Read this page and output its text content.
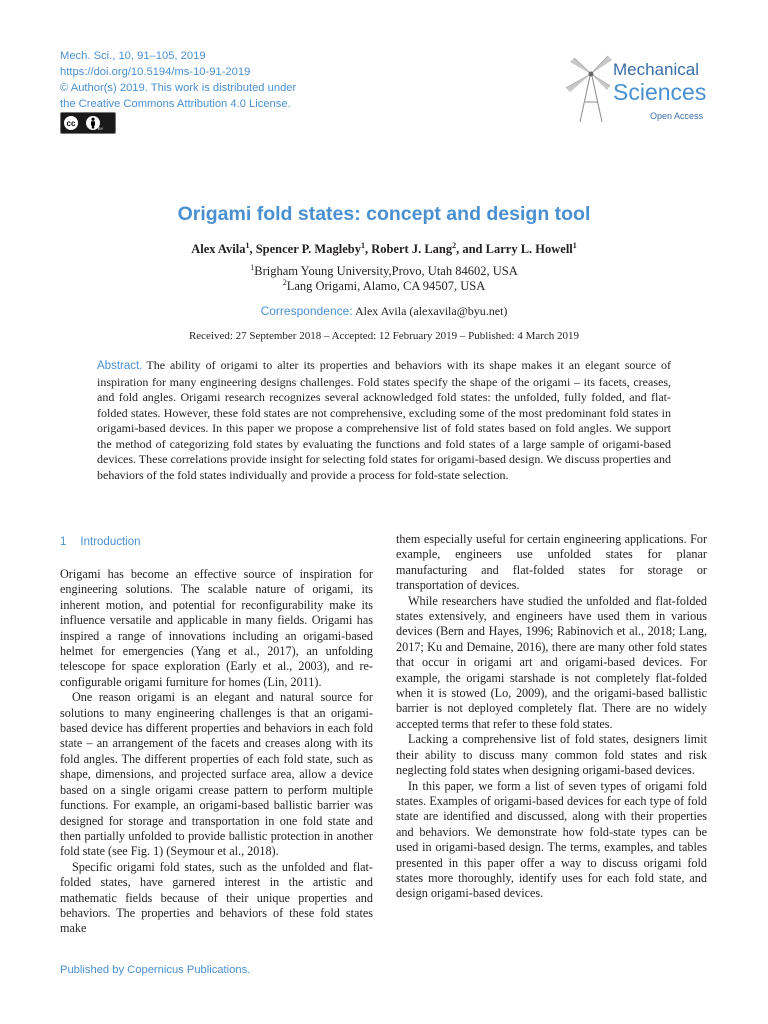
Mech. Sci., 10, 91–105, 2019
https://doi.org/10.5194/ms-10-91-2019
© Author(s) 2019. This work is distributed under
the Creative Commons Attribution 4.0 License.
cc
BY
Mechanical
Sciences
Open Access
Origami fold states: concept and design tool
Alex Avila$^1$, Spencer P. Magleby$^1$, Robert J. Lang$^2$, and Larry L. Howell$^1$
$^1$Brigham Young University,Provo, Utah 84602, USA
$^2$Lang Origami, Alamo, CA 94507, USA
Correspondence: Alex Avila (alexavila@byu.net)
Received: 27 September 2018 – Accepted: 12 February 2019 – Published: 4 March 2019
Abstract. The ability of origami to alter its properties and behaviors with its shape makes it an elegant source of inspiration for many engineering designs challenges. Fold states specify the shape of the origami – its facets, creases, and fold angles. Origami research recognizes several acknowledged fold states: the unfolded, fully folded, and flat-folded states. However, these fold states are not comprehensive, excluding some of the most predominant fold states in origami-based devices. In this paper we propose a comprehensive list of fold states based on fold angles. We support the method of categorizing fold states by evaluating the functions and fold states of a large sample of origami-based devices. These correlations provide insight for selecting fold states for origami-based design. We discuss properties and behaviors of the fold states individually and provide a process for fold-state selection.
1 Introduction

Origami has become an effective source of inspiration for engineering solutions. The scalable nature of origami, its inherent motion, and potential for reconfigurability make its influence versatile and applicable in many fields. Origami has inspired a range of innovations including an origami-based helmet for emergencies (Yang et al., 2017), an unfolding telescope for space exploration (Early et al., 2003), and re-configurable origami furniture for homes (Lin, 2011).

One reason origami is an elegant and natural source for solutions to many engineering challenges is that an origami-based device has different properties and behaviors in each fold state – an arrangement of the facets and creases along with its fold angles. The different properties of each fold state, such as shape, dimensions, and projected surface area, allow a device based on a single origami crease pattern to perform multiple functions. For example, an origami-based ballistic barrier was designed for storage and transportation in one fold state and then partially unfolded to provide ballistic protection in another fold state (see Fig. 1) (Seymour et al., 2018).

Specific origami fold states, such as the unfolded and flat-folded states, have garnered interest in the artistic and mathematic fields because of their unique properties and behaviors. The properties and behaviors of these fold states make

them especially useful for certain engineering applications. For example, engineers use unfolded states for planar manufacturing and flat-folded states for storage or transportation of devices.

While researchers have studied the unfolded and flat-folded states extensively, and engineers have used them in various devices (Bern and Hayes, 1996; Rabinovich et al., 2018; Lang, 2017; Ku and Demaine, 2016), there are many other fold states that occur in origami art and origami-based devices. For example, the origami starshade is not completely flat-folded when it is stowed (Lo, 2009), and the origami-based ballistic barrier is not deployed completely flat. There are no widely accepted terms that refer to these fold states.

Lacking a comprehensive list of fold states, designers limit their ability to discuss many common fold states and risk neglecting fold states when designing origami-based devices.

In this paper, we form a list of seven types of origami fold states. Examples of origami-based devices for each type of fold state are identified and discussed, along with their properties and behaviors. We demonstrate how fold-state types can be used in origami-based design. The terms, examples, and tables presented in this paper offer a way to discuss origami fold states more thoroughly, identify uses for each fold state, and design origami-based devices.

Published by Copernicus Publications.
